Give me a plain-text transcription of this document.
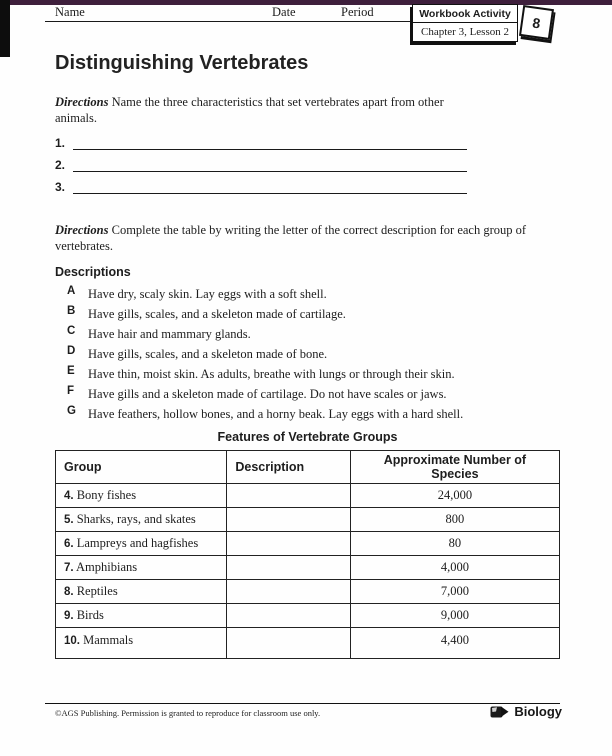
Name	Date	Period	Workbook Activity
Chapter 3, Lesson 2
8
Distinguishing Vertebrates

Directions Name the three characteristics that set vertebrates apart from other animals.

1.
2.
3.

Directions Complete the table by writing the letter of the correct description for each group of vertebrates.

Descriptions
A	Have dry, scaly skin. Lay eggs with a soft shell.
B	Have gills, scales, and a skeleton made of cartilage.
C	Have hair and mammary glands.
D	Have gills, scales, and a skeleton made of bone.
E	Have thin, moist skin. As adults, breathe with lungs or through their skin.
F	Have gills and a skeleton made of cartilage. Do not have scales or jaws.
G Have feathers, hollow bones, and a horny beak. Lay eggs with a hard shell.
Features of Vertebrate Groups
Group	Description	Approximate Number of Species
4. Bony fishes		24,000
5. Sharks, rays, and skates		800
6. Lampreys and hagfishes		80
7. Amphibians		4,000
8. Reptiles		7,000
9. Birds		9,000
10. Mammals		4,400
©AGS Publishing. Permission is granted to reproduce for classroom use only.	Biology
